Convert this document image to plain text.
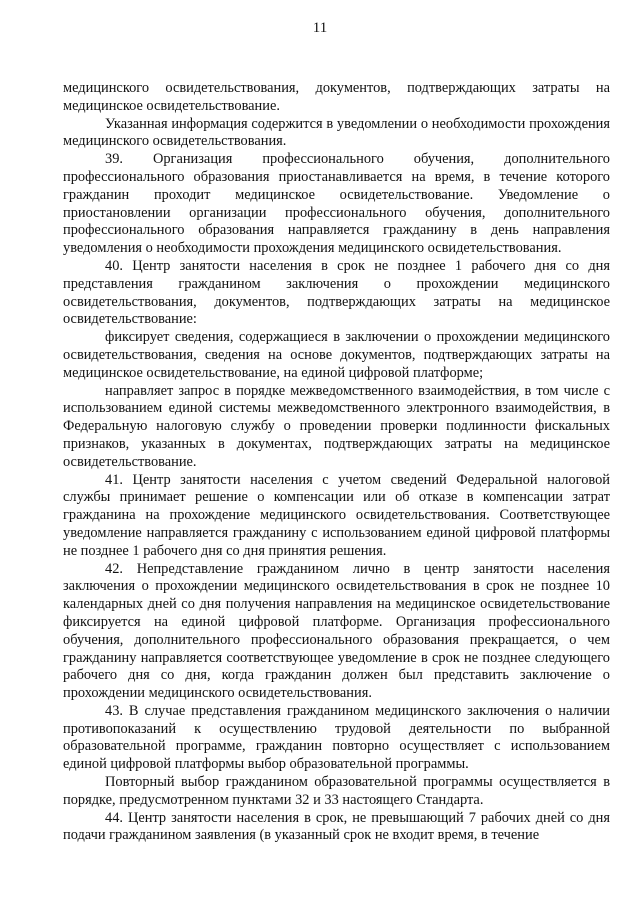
11

медицинского освидетельствования, документов, подтверждающих затраты на медицинское освидетельствование.

Указанная информация содержится в уведомлении о необходимости прохождения медицинского освидетельствования.

39. Организация профессионального обучения, дополнительного профессионального образования приостанавливается на время, в течение которого гражданин проходит медицинское освидетельствование. Уведомление о приостановлении организации профессионального обучения, дополнительного профессионального образования направляется гражданину в день направления уведомления о необходимости прохождения медицинского освидетельствования.

40. Центр занятости населения в срок не позднее 1 рабочего дня со дня представления гражданином заключения о прохождении медицинского освидетельствования, документов, подтверждающих затраты на медицинское освидетельствование:

фиксирует сведения, содержащиеся в заключении о прохождении медицинского освидетельствования, сведения на основе документов, подтверждающих затраты на медицинское освидетельствование, на единой цифровой платформе;

направляет запрос в порядке межведомственного взаимодействия, в том числе с использованием единой системы межведомственного электронного взаимодействия, в Федеральную налоговую службу о проведении проверки подлинности фискальных признаков, указанных в документах, подтверждающих затраты на медицинское освидетельствование.

41. Центр занятости населения с учетом сведений Федеральной налоговой службы принимает решение о компенсации или об отказе в компенсации затрат гражданина на прохождение медицинского освидетельствования. Соответствующее уведомление направляется гражданину с использованием единой цифровой платформы не позднее 1 рабочего дня со дня принятия решения.

42. Непредставление гражданином лично в центр занятости населения заключения о прохождении медицинского освидетельствования в срок не позднее 10 календарных дней со дня получения направления на медицинское освидетельствование фиксируется на единой цифровой платформе. Организация профессионального обучения, дополнительного профессионального образования прекращается, о чем гражданину направляется соответствующее уведомление в срок не позднее следующего рабочего дня со дня, когда гражданин должен был представить заключение о прохождении медицинского освидетельствования.

43. В случае представления гражданином медицинского заключения о наличии противопоказаний к осуществлению трудовой деятельности по выбранной образовательной программе, гражданин повторно осуществляет с использованием единой цифровой платформы выбор образовательной программы.

Повторный выбор гражданином образовательной программы осуществляется в порядке, предусмотренном пунктами 32 и 33 настоящего Стандарта.

44. Центр занятости населения в срок, не превышающий 7 рабочих дней со дня подачи гражданином заявления (в указанный срок не входит время, в течение
